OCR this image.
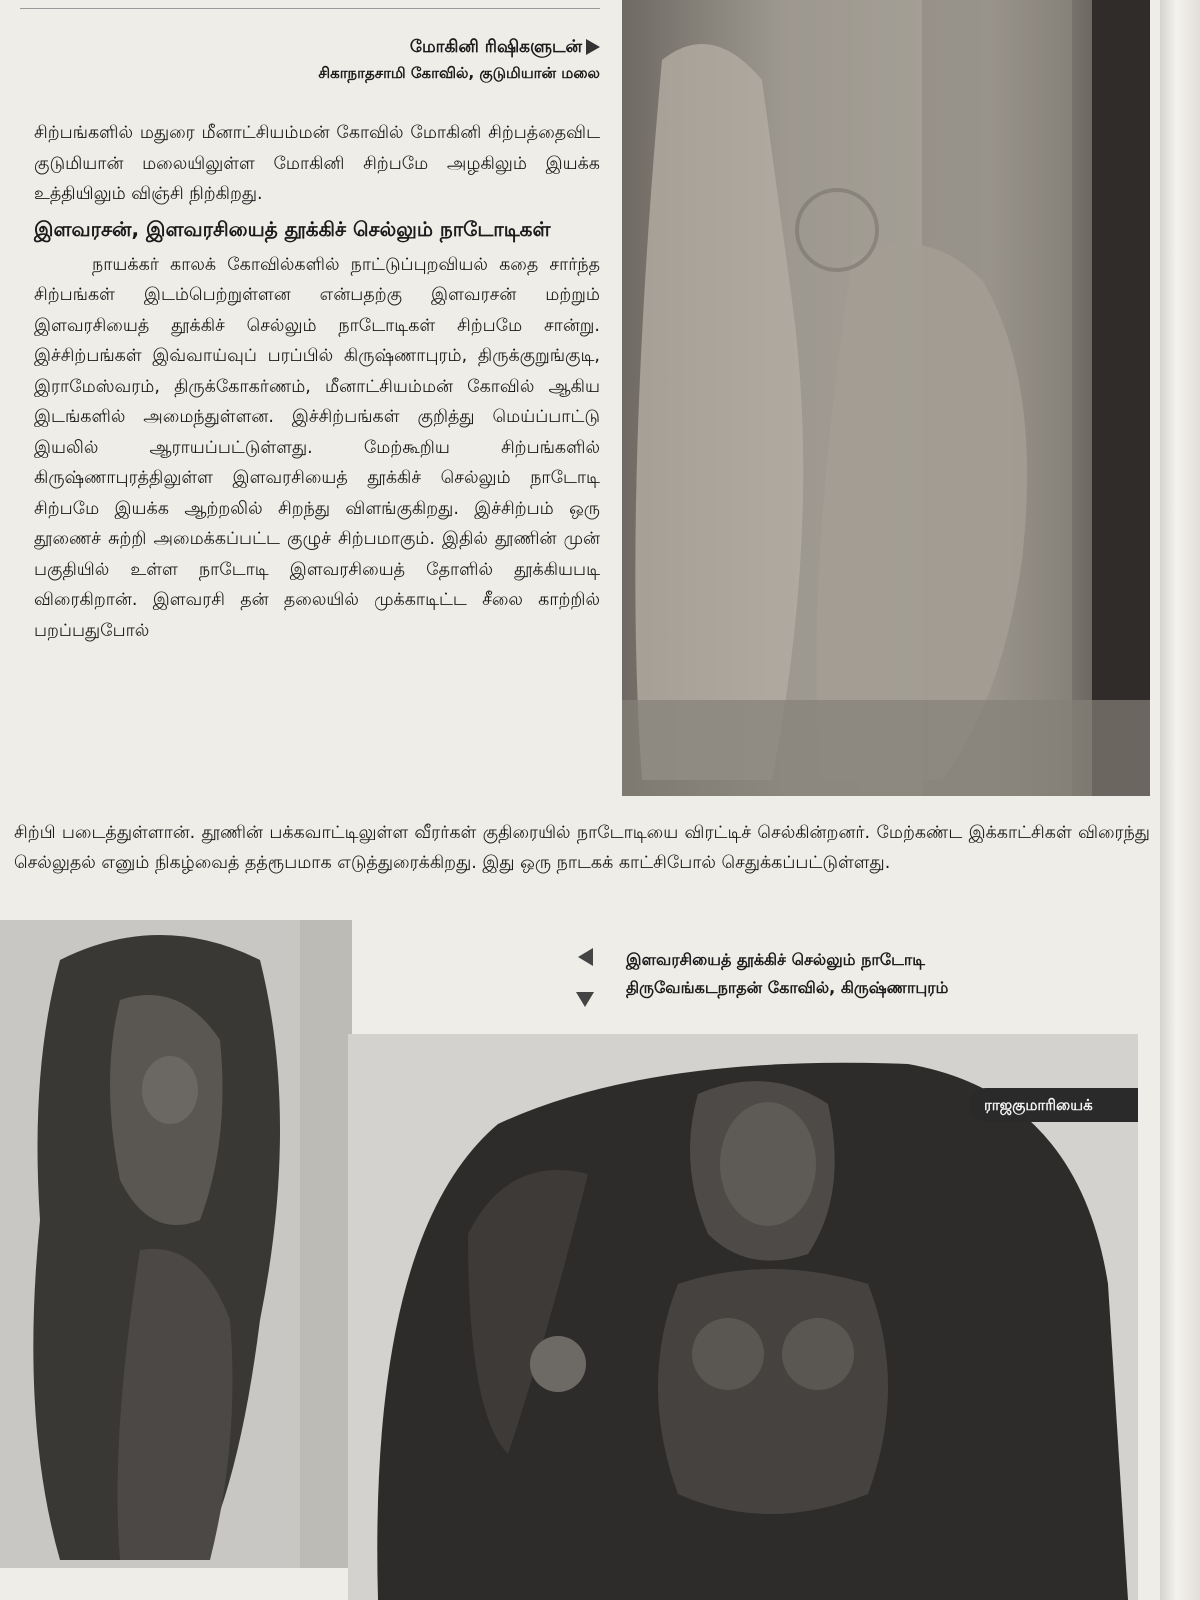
மோகினி ரிஷிகளுடன்
சிகாநாதசாமி கோவில், குடுமியான் மலை

சிற்பங்களில் மதுரை மீனாட்சியம்மன் கோவில் மோகினி சிற்பத்தைவிட குடுமியான் மலையிலுள்ள மோகினி சிற்பமே அழகிலும் இயக்க உத்தியிலும் விஞ்சி நிற்கிறது.

இளவரசன், இளவரசியைத் தூக்கிச் செல்லும் நாடோடிகள்

நாயக்கர் காலக் கோவில்களில் நாட்டுப்புறவியல் கதை சார்ந்த சிற்பங்கள் இடம்பெற்றுள்ளன என்பதற்கு இளவரசன் மற்றும் இளவரசியைத் தூக்கிச் செல்லும் நாடோடிகள் சிற்பமே சான்று. இச்சிற்பங்கள் இவ்வாய்வுப் பரப்பில் கிருஷ்ணாபுரம், திருக்குறுங்குடி, இராமேஸ்வரம், திருக்கோகர்ணம், மீனாட்சியம்மன் கோவில் ஆகிய இடங்களில் அமைந்துள்ளன. இச்சிற்பங்கள் குறித்து மெய்ப்பாட்டு இயலில் ஆராயப்பட்டுள்ளது. மேற்கூறிய சிற்பங்களில் கிருஷ்ணாபுரத்திலுள்ள இளவரசியைத் தூக்கிச் செல்லும் நாடோடி சிற்பமே இயக்க ஆற்றலில் சிறந்து விளங்குகிறது. இச்சிற்பம் ஒரு தூணைச் சுற்றி அமைக்கப்பட்ட குழுச் சிற்பமாகும். இதில் தூணின் முன் பகுதியில் உள்ள நாடோடி இளவரசியைத் தோளில் தூக்கியபடி விரைகிறான். இளவரசி தன் தலையில் முக்காடிட்ட சீலை காற்றில் பறப்பதுபோல்

சிற்பி படைத்துள்ளான். தூணின் பக்கவாட்டிலுள்ள வீரர்கள் குதிரையில் நாடோடியை விரட்டிச் செல்கின்றனர். மேற்கண்ட இக்காட்சிகள் விரைந்து செல்லுதல் எனும் நிகழ்வைத் தத்ரூபமாக எடுத்துரைக்கிறது. இது ஒரு நாடகக் காட்சிபோல் செதுக்கப்பட்டுள்ளது.
இளவரசியைத் தூக்கிச் செல்லும் நாடோடி
திருவேங்கடநாதன் கோவில், கிருஷ்ணாபுரம்
ராஜகுமாரியைக்
